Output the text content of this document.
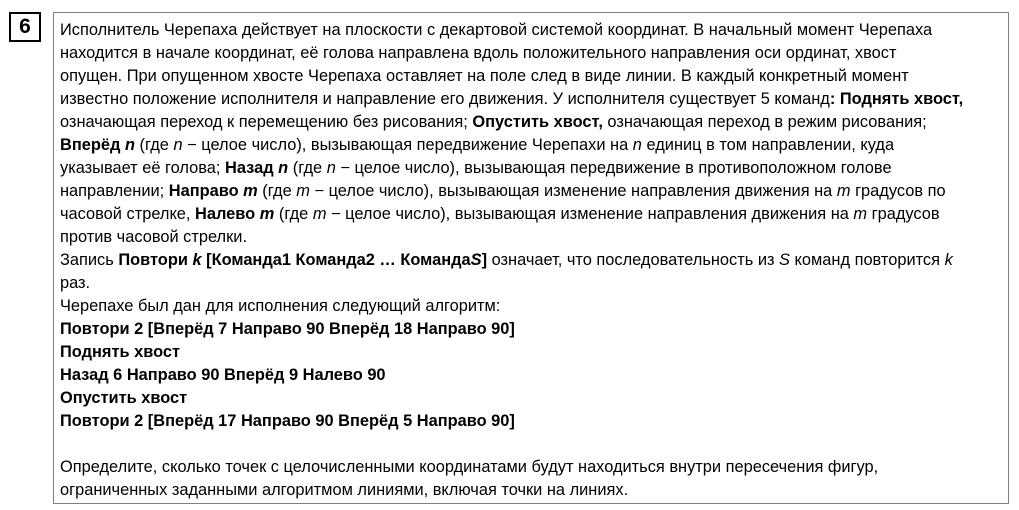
6 Исполнитель Черепаха действует на плоскости с декартовой системой координат. В начальный момент Черепаха
находится в начале координат, её голова направлена вдоль положительного направления оси ординат, хвост
опущен. При опущенном хвосте Черепаха оставляет на поле след в виде линии. В каждый конкретный момент
известно положение исполнителя и направление его движения. У исполнителя существует 5 команд: Поднять хвост,
означающая переход к перемещению без рисования; Опустить хвост, означающая переход в режим рисования;
Вперёд n (где n − целое число), вызывающая передвижение Черепахи на n единиц в том направлении, куда
указывает её голова; Назад n (где n − целое число), вызывающая передвижение в противоположном голове
направлении; Направо m (где m − целое число), вызывающая изменение направления движения на m градусов по
часовой стрелке, Налево m (где m − целое число), вызывающая изменение направления движения на m градусов
против часовой стрелки.
Запись Повтори k [Команда1 Команда2 … КомандаS] означает, что последовательность из S команд повторится k
раз.
Черепахе был дан для исполнения следующий алгоритм:
Повтори 2 [Вперёд 7 Направо 90 Вперёд 18 Направо 90]
Поднять хвост
Назад 6 Направо 90 Вперёд 9 Налево 90
Опустить хвост
Повтори 2 [Вперёд 17 Направо 90 Вперёд 5 Направо 90]
Определите, сколько точек с целочисленными координатами будут находиться внутри пересечения фигур,
ограниченных заданными алгоритмом линиями, включая точки на линиях.
